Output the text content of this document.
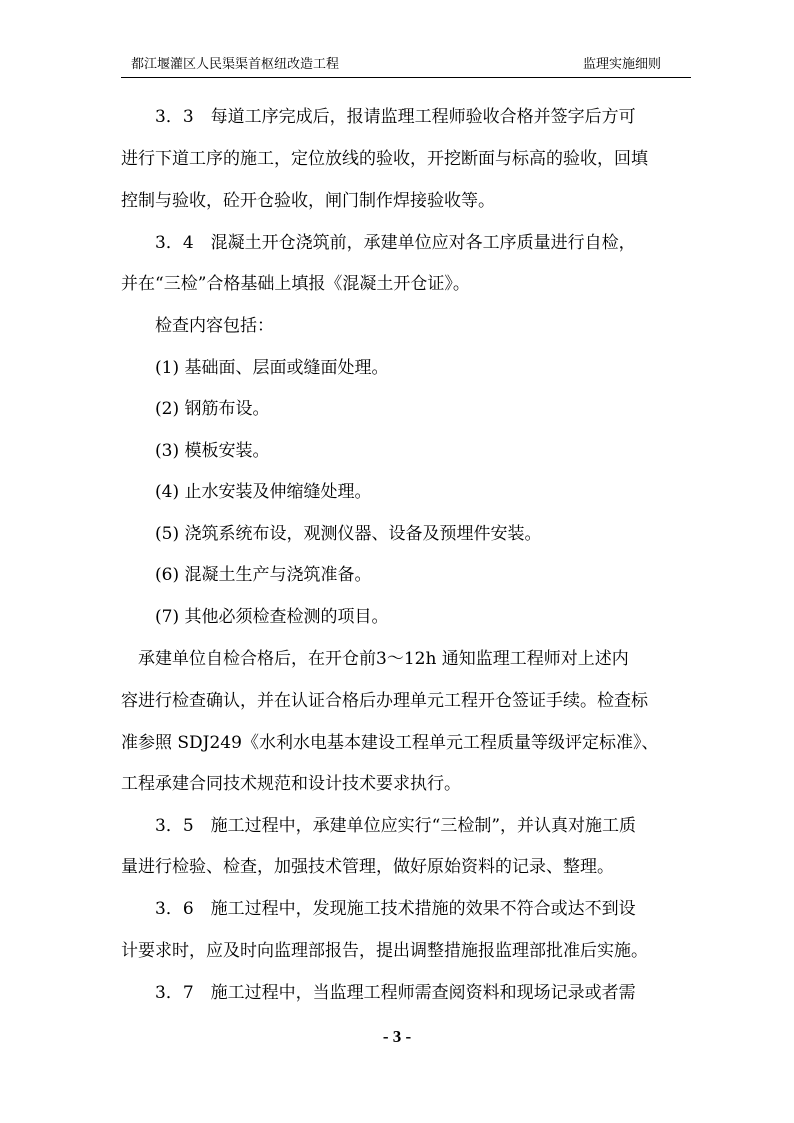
都江堰灌区人民渠渠首枢纽改造工程	监理实施细则
　　3．3　每道工序完成后，报请监理工程师验收合格并签字后方可
进行下道工序的施工，定位放线的验收，开挖断面与标高的验收，回填
控制与验收，砼开仓验收，闸门制作焊接验收等。
　　3．4　混凝土开仓浇筑前，承建单位应对各工序质量进行自检，
并在“三检”合格基础上填报《混凝土开仓证》。
　　检查内容包括：
　　(1) 基础面、层面或缝面处理。
　　(2) 钢筋布设。
　　(3) 模板安装。
　　(4) 止水安装及伸缩缝处理。
　　(5) 浇筑系统布设，观测仪器、设备及预埋件安装。
　　(6) 混凝土生产与浇筑准备。
　　(7) 其他必须检查检测的项目。
　承建单位自检合格后，在开仓前3～12h 通知监理工程师对上述内
容进行检查确认，并在认证合格后办理单元工程开仓签证手续。检查标
准参照 SDJ249《水利水电基本建设工程单元工程质量等级评定标准》、
工程承建合同技术规范和设计技术要求执行。
　　3．5　施工过程中，承建单位应实行“三检制”，并认真对施工质
量进行检验、检查，加强技术管理，做好原始资料的记录、整理。
　　3．6　施工过程中，发现施工技术措施的效果不符合或达不到设
计要求时，应及时向监理部报告，提出调整措施报监理部批准后实施。
　　3．7　施工过程中，当监理工程师需查阅资料和现场记录或者需
- 3 -
